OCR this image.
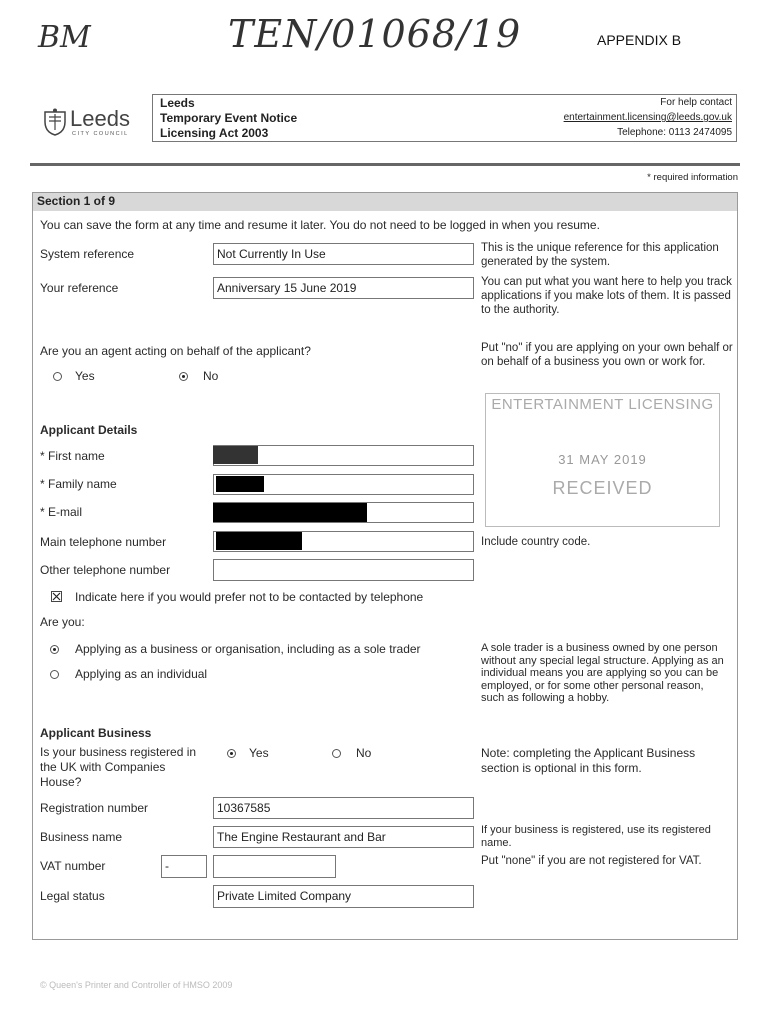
BM	TEN/01068/19	APPENDIX B
Leeds
CITY COUNCIL
Leeds
Temporary Event Notice
Licensing Act 2003
For help contact
entertainment.licensing@leeds.gov.uk
Telephone: 0113 2474095
* required information
Section 1 of 9
You can save the form at any time and resume it later. You do not need to be logged in when you resume.
System reference	Not Currently In Use	This is the unique reference for this application generated by the system.
Your reference	Anniversary 15 June 2019	You can put what you want here to help you track applications if you make lots of them. It is passed to the authority.
Are you an agent acting on behalf of the applicant?
Yes	No
Put "no" if you are applying on your own behalf or on behalf of a business you own or work for.
ENTERTAINMENT LICENSING
31 MAY 2019
RECEIVED
Applicant Details
* First name
* Family name
* E-mail
Main telephone number	Include country code.
Other telephone number
Indicate here if you would prefer not to be contacted by telephone
Are you:
Applying as a business or organisation, including as a sole trader
Applying as an individual
A sole trader is a business owned by one person without any special legal structure. Applying as an individual means you are applying so you can be employed, or for some other personal reason, such as following a hobby.
Applicant Business
Is your business registered in the UK with Companies House?
Yes	No	Note: completing the Applicant Business section is optional in this form.
Registration number	10367585
Business name	The Engine Restaurant and Bar	If your business is registered, use its registered name.
VAT number	-	Put "none" if you are not registered for VAT.
Legal status	Private Limited Company
© Queen's Printer and Controller of HMSO 2009
